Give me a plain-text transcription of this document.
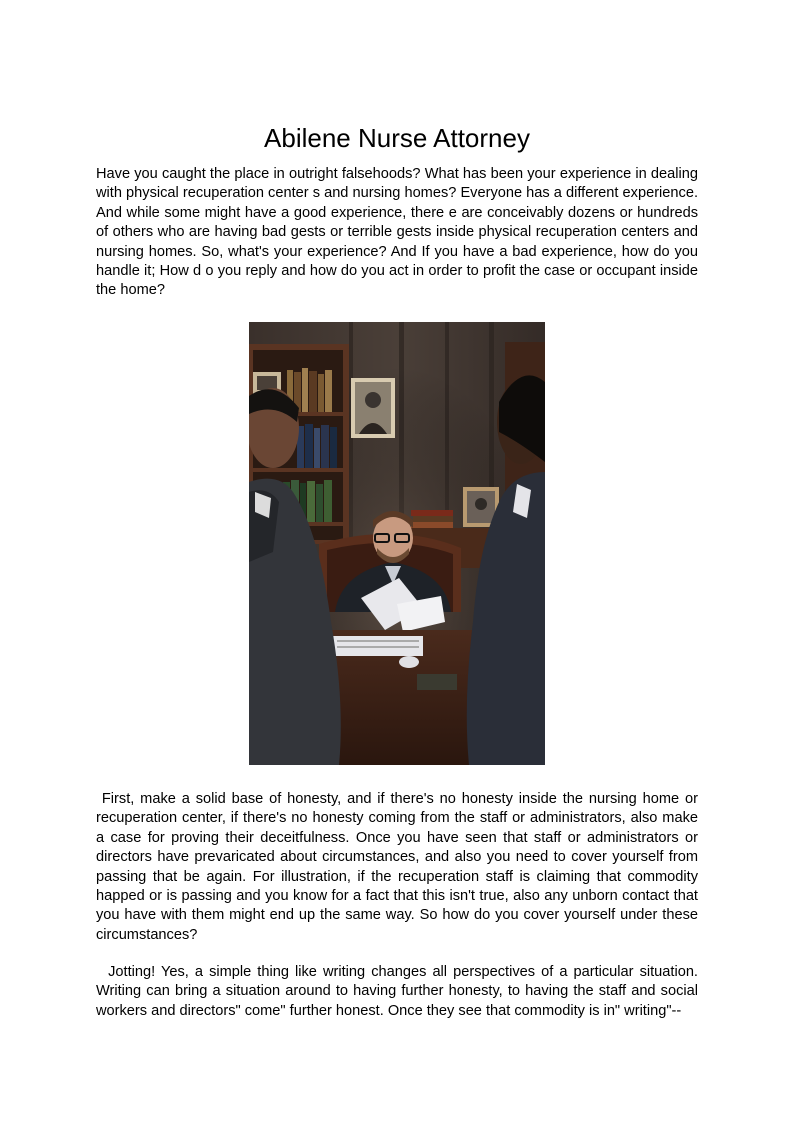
Abilene Nurse Attorney

Have you caught the place in outright falsehoods? What has been your experience in dealing with physical recuperation center s and nursing homes? Everyone has a different experience. And while some might have a good experience, there e are conceivably dozens or hundreds of others who are having bad gests or terrible gests inside physical recuperation centers and nursing homes. So, what's your experience? And If you have a bad experience, how do you handle it; How d o you reply and how do you act in order to profit the case or occupant inside the home?

First, make a solid base of honesty, and if there's no honesty inside the nursing home or recuperation center, if there's no honesty coming from the staff or administrators, also make a case for proving their deceitfulness. Once you have seen that staff or administrators or directors have prevaricated about circumstances, and also you need to cover yourself from passing that be again. For illustration, if the recuperation staff is claiming that commodity happed or is passing and you know for a fact that this isn't true, also any unborn contact that you have with them might end up the same way. So how do you cover yourself under these circumstances?

Jotting! Yes, a simple thing like writing changes all perspectives of a particular situation. Writing can bring a situation around to having further honesty, to having the staff and social workers and directors" come" further honest. Once they see that commodity is in" writing"--
